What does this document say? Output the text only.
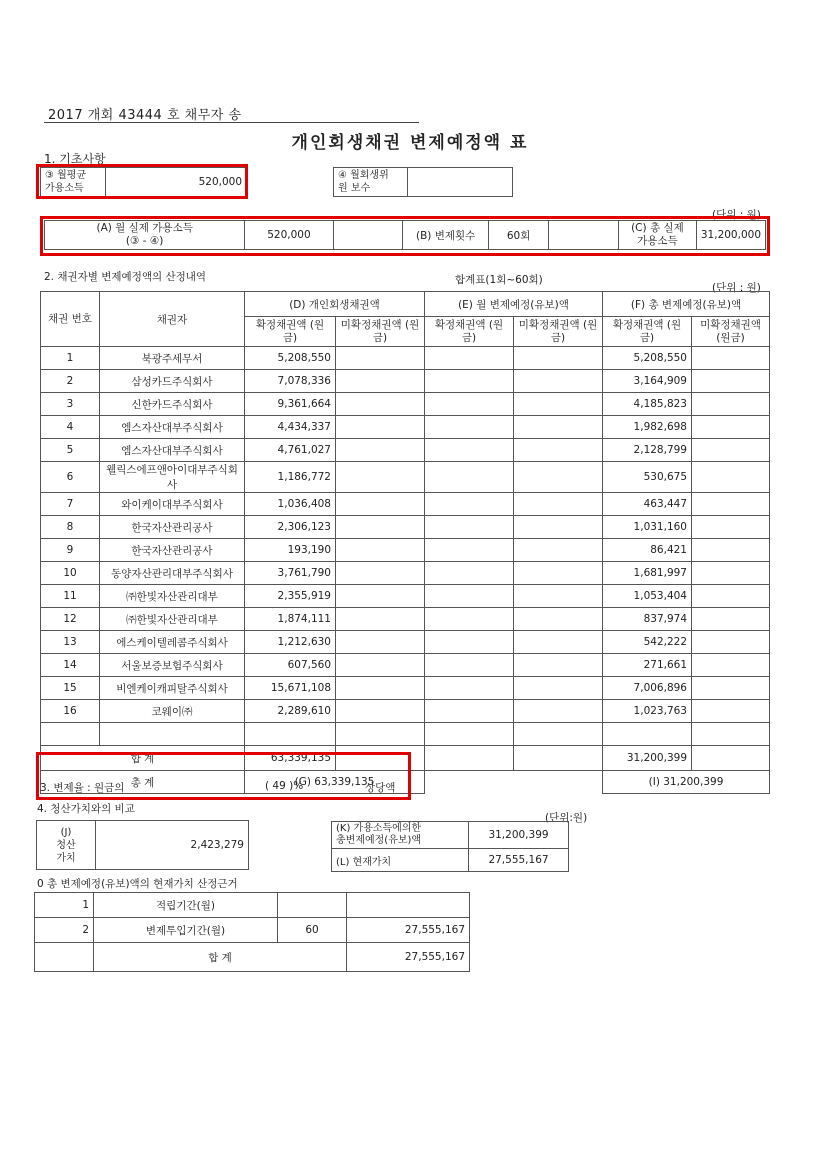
2017 개회 43444 호 채무자 송
개인회생채권 변제예정액 표
1. 기초사항
③ 월평균
가용소득
	520,000
④ 월회생위
원 보수

(단위 : 원)
(A) 월 실제 가용소득
(③ - ④)	520,000		(B) 변제횟수	60회		
(C) 총 실제
가용소득	31,200,000
2. 채권자별 변제예정액의 산정내역	합계표(1회~60회)
(단위 : 원)
채권 번호	채권자	(D) 개인회생채권액		(E) 월 변제예정(유보)액		(F) 총 변제예정(유보)액	
		확정채권액 (원금)	미확정채권액 (원금)	확정채권액 (원금)	미확정채권액 (원금)	확정채권액 (원금)	미확정채권액 (원금)
1	북광주세무서	5,208,550				5,208,550	
2	삼성카드주식회사	7,078,336				3,164,909	
3	신한카드주식회사	9,361,664				4,185,823	
4	엠스자산대부주식회사	4,434,337				1,982,698	
5	엠스자산대부주식회사	4,761,027				2,128,799	
6	웰릭스에프앤아이대부주식회사	1,186,772				530,675	
7	와이케이대부주식회사	1,036,408				463,447	
8	한국자산관리공사	2,306,123				1,031,160	
9	한국자산관리공사	193,190				86,421	
10	동양자산관리대부주식회사	3,761,790				1,681,997	
11	㈜한빛자산관리대부	2,355,919				1,053,404	
12	㈜한빛자산관리대부	1,874,111				837,974	
13	에스케이텔레콤주식회사	1,212,630				542,222	
14	서울보증보험주식회사	607,560				271,661	
15	비엔케이캐피탈주식회사	15,671,108				7,006,896	
16	코웨이㈜	2,289,610				1,023,763	

합 계		63,339,135				31,200,399	
총 계		(G) 63,339,135				(I) 31,200,399	
3. 변제율 : 원금의	( 49 )%	상당액
4. 청산가치와의 비교
(단위:원)
(J)
청산
가치
	2,423,279
(K) 가용소득에의한
총변제예정(유보)액	31,200,399
(L) 현재가치	27,555,167
0 총 변제예정(유보)액의 현재가치 산정근거
1	적립기간(월)		
2	변제투입기간(월)	60	27,555,167
	합 계		27,555,167
